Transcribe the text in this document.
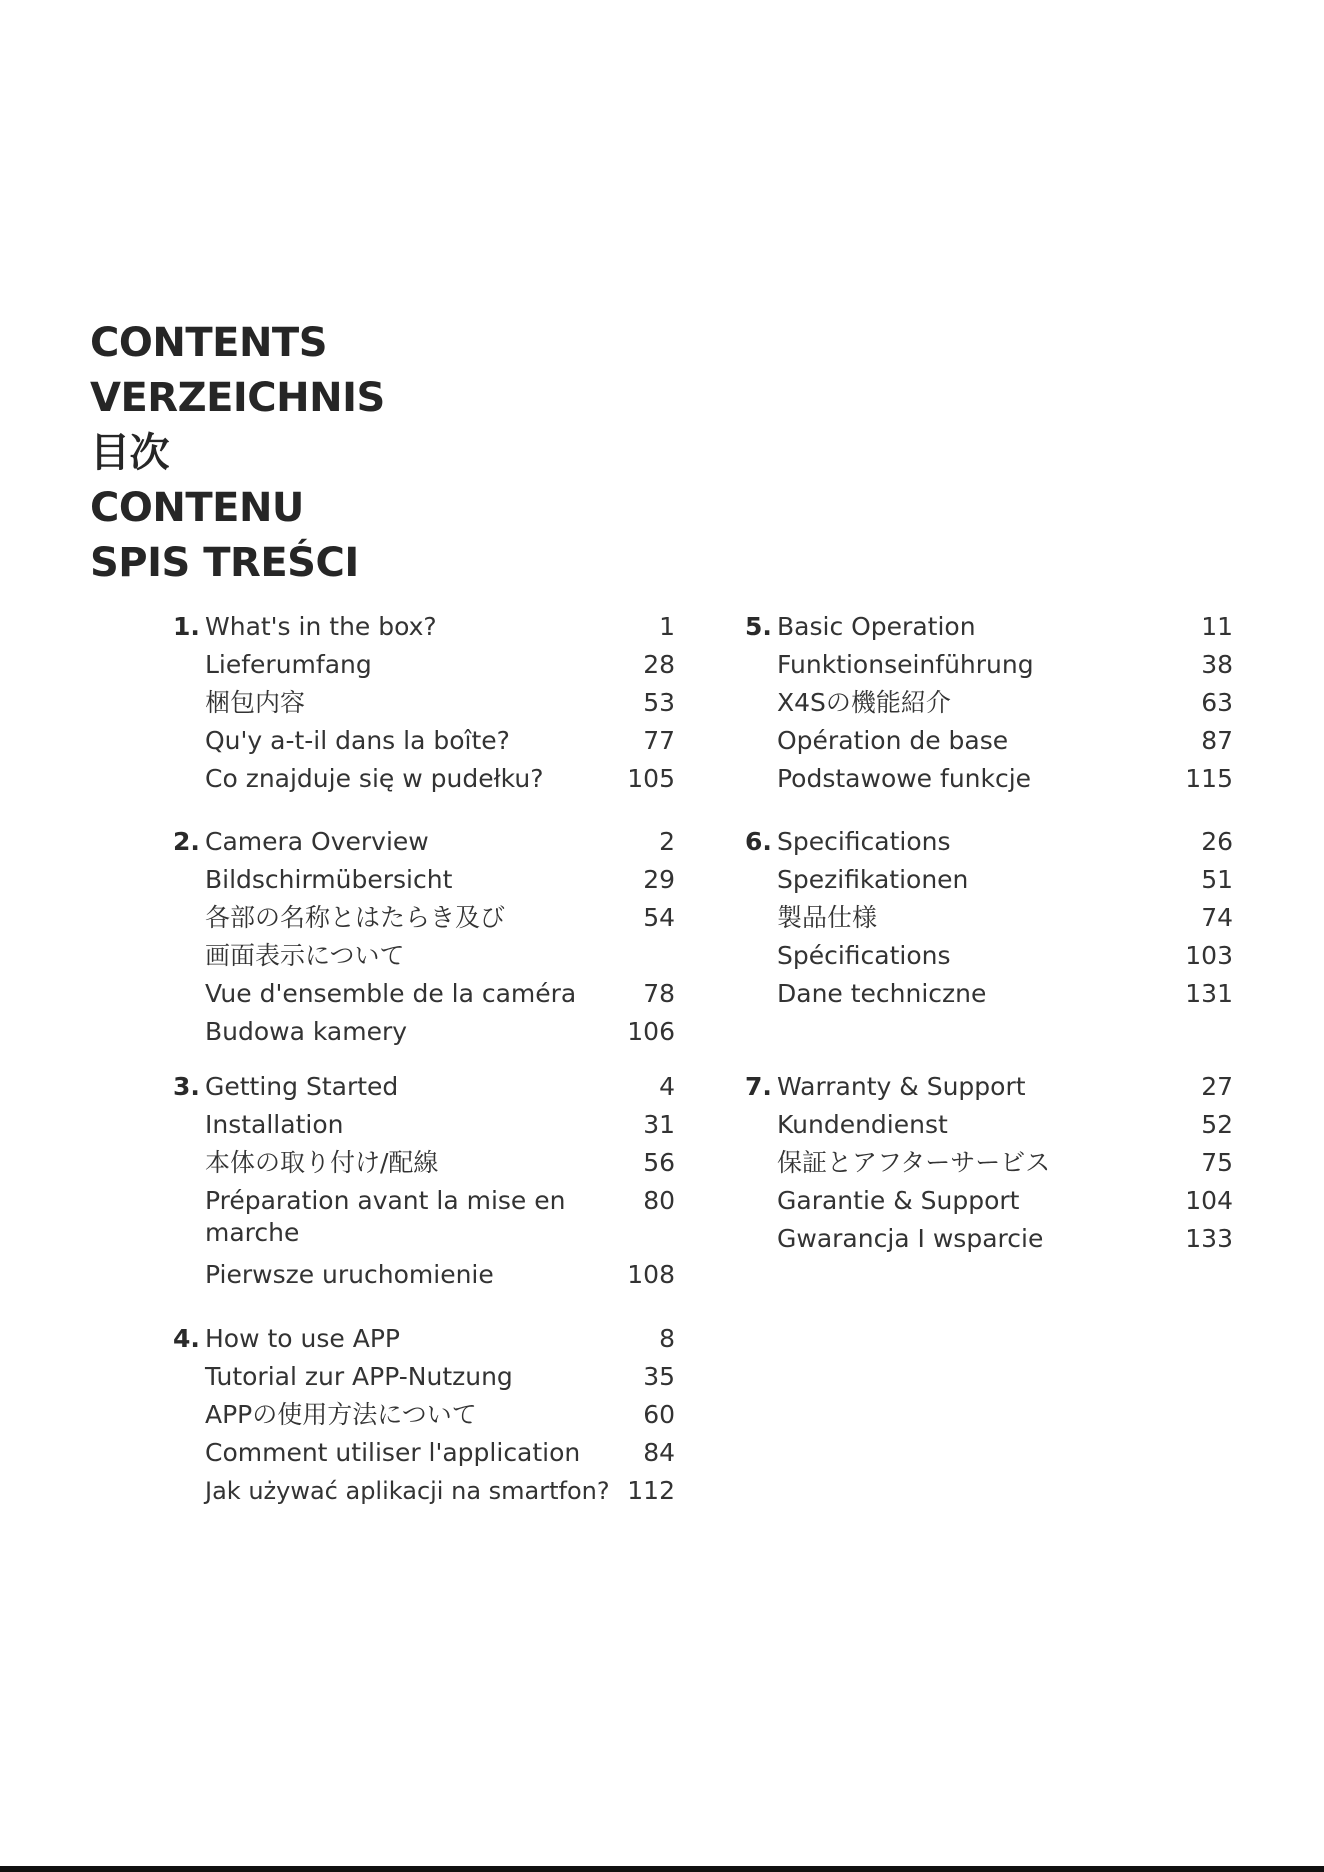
CONTENTS
VERZEICHNIS
目次
CONTENU
SPIS TREŚCI
1. What's in the box?	1
Lieferumfang	28
梱包内容	53
Qu'y a-t-il dans la boîte?	77
Co znajduje się w pudełku?	105
2. Camera Overview	2
Bildschirmübersicht	29
各部の名称とはたらき及び	54
画面表示について
Vue d'ensemble de la caméra	78
Budowa kamery	106
3. Getting Started	4
Installation	31
本体の取り付け/配線	56
Préparation avant la mise en marche
80
Pierwsze uruchomienie	108
4. How to use APP	8
Tutorial zur APP-Nutzung	35
APPの使用方法について	60
Comment utiliser l'application	84
Jak używać aplikacji na smartfon? 112
5. Basic Operation	11
Funktionseinführung	38
X4Sの機能紹介	63
Opération de base	87
Podstawowe funkcje	115
6. Specifications	26
Spezifikationen	51
製品仕様	74
Spécifications	103
Dane techniczne	131
7. Warranty & Support	27
Kundendienst	52
保証とアフターサービス	75
Garantie & Support	104
Gwarancja I wsparcie	133
